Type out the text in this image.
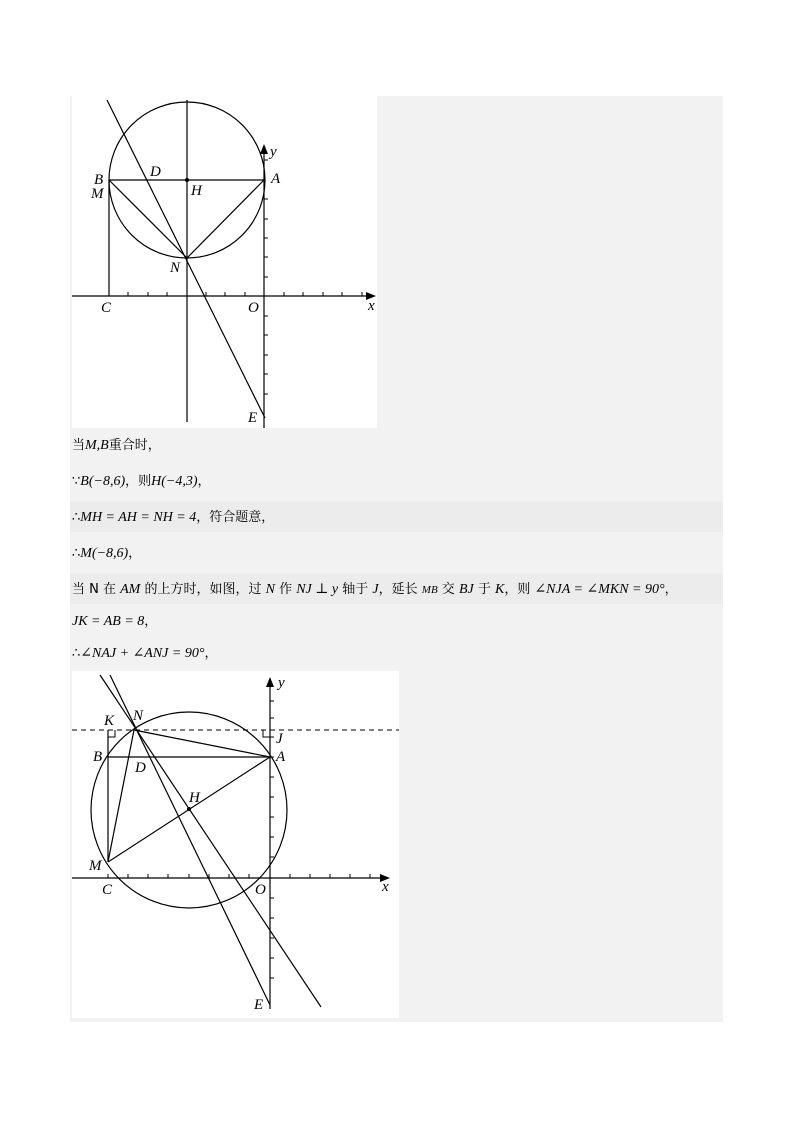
B
M
D
H
A
y
N
C	O	x
E
当M,B重合时，
∵B(−8,6)，则H(−4,3)，
∴MH = AH = NH = 4，符合题意，
∴M(−8,6)，
当 N 在 AM 的上方时，如图，过 N 作 NJ ⊥ y 轴于 J，延长 MB 交 BJ 于 K，则 ∠NJA = ∠MKN = 90°，
JK = AB = 8，
∴∠NAJ + ∠ANJ = 90°，
y
K N
J
B
D
A
H
M
C	O	x
E
